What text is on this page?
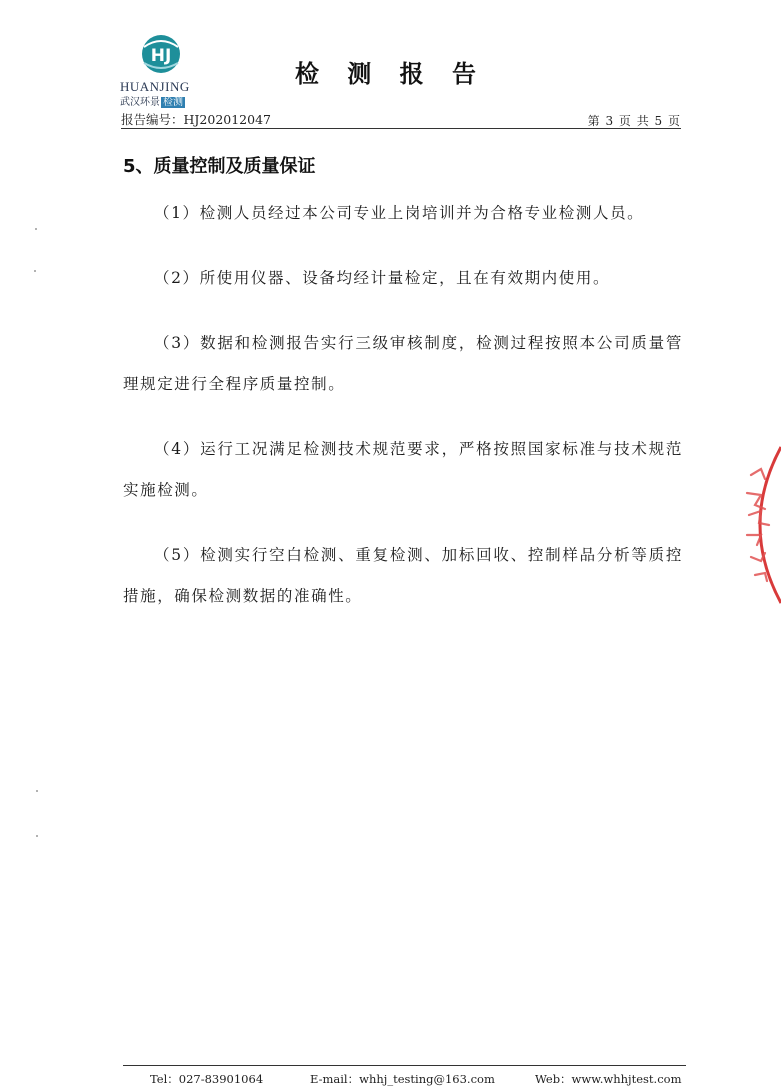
HJ
HUANJING
武汉环景 检测
检 测 报 告
报告编号：HJ202012047	第 3 页 共 5 页
5、质量控制及质量保证

（1）检测人员经过本公司专业上岗培训并为合格专业检测人员。

（2）所使用仪器、设备均经计量检定，且在有效期内使用。

（3）数据和检测报告实行三级审核制度，检测过程按照本公司质量管理规定进行全程序质量控制。

（4）运行工况满足检测技术规范要求，严格按照国家标准与技术规范实施检测。

（5）检测实行空白检测、重复检测、加标回收、控制样品分析等质控措施，确保检测数据的准确性。

Tel：027-83901064	E-mail：whhj_testing@163.com	Web：www.whhjtest.com
